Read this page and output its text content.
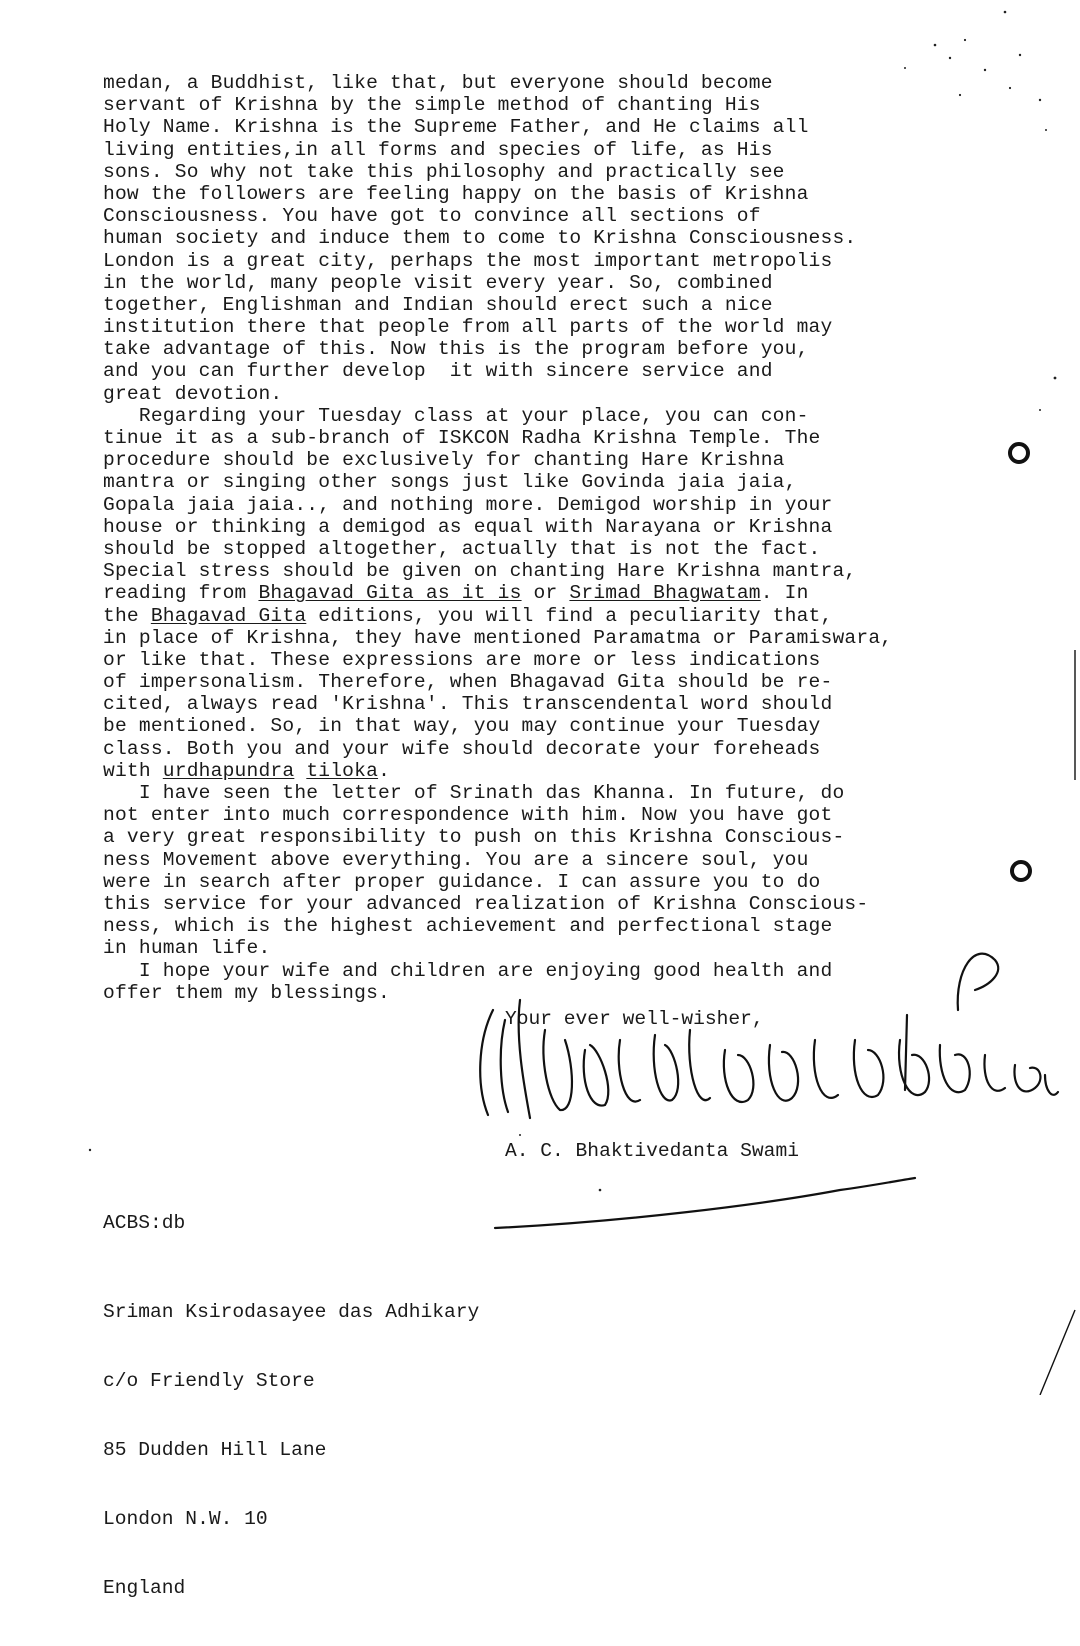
medan, a Buddhist, like that, but everyone should become
servant of Krishna by the simple method of chanting His
Holy Name. Krishna is the Supreme Father, and He claims all
living entities,in all forms and species of life, as His
sons. So why not take this philosophy and practically see
how the followers are feeling happy on the basis of Krishna
Consciousness. You have got to convince all sections of
human society and induce them to come to Krishna Consciousness.
London is a great city, perhaps the most important metropolis
in the world, many people visit every year. So, combined
together, Englishman and Indian should erect such a nice
institution there that people from all parts of the world may
take advantage of this. Now this is the program before you,
and you can further develop  it with sincere service and
great devotion.
Regarding your Tuesday class at your place, you can con-
tinue it as a sub-branch of ISKCON Radha Krishna Temple. The
procedure should be exclusively for chanting Hare Krishna
mantra or singing other songs just like Govinda jaia jaia,
Gopala jaia jaia.., and nothing more. Demigod worship in your
house or thinking a demigod as equal with Narayana or Krishna
should be stopped altogether, actually that is not the fact.
Special stress should be given on chanting Hare Krishna mantra,
reading from Bhagavad Gita as it is or Srimad Bhagwatam. In
the Bhagavad Gita editions, you will find a peculiarity that,
in place of Krishna, they have mentioned Paramatma or Paramiswara,
or like that. These expressions are more or less indications
of impersonalism. Therefore, when Bhagavad Gita should be re-
cited, always read 'Krishna'. This transcendental word should
be mentioned. So, in that way, you may continue your Tuesday
class. Both you and your wife should decorate your foreheads
with urdhapundra tiloka.
I have seen the letter of Srinath das Khanna. In future, do
not enter into much correspondence with him. Now you have got
a very great responsibility to push on this Krishna Conscious-
ness Movement above everything. You are a sincere soul, you
were in search after proper guidance. I can assure you to do
this service for your advanced realization of Krishna Conscious-
ness, which is the highest achievement and perfectional stage
in human life.
I hope your wife and children are enjoying good health and
offer them my blessings.
Your ever well-wisher,
A. C. Bhaktivedanta Swami
ACBS:db

Sriman Ksirodasayee das Adhikary

c/o Friendly Store

85 Dudden Hill Lane

London N.W. 10

England
